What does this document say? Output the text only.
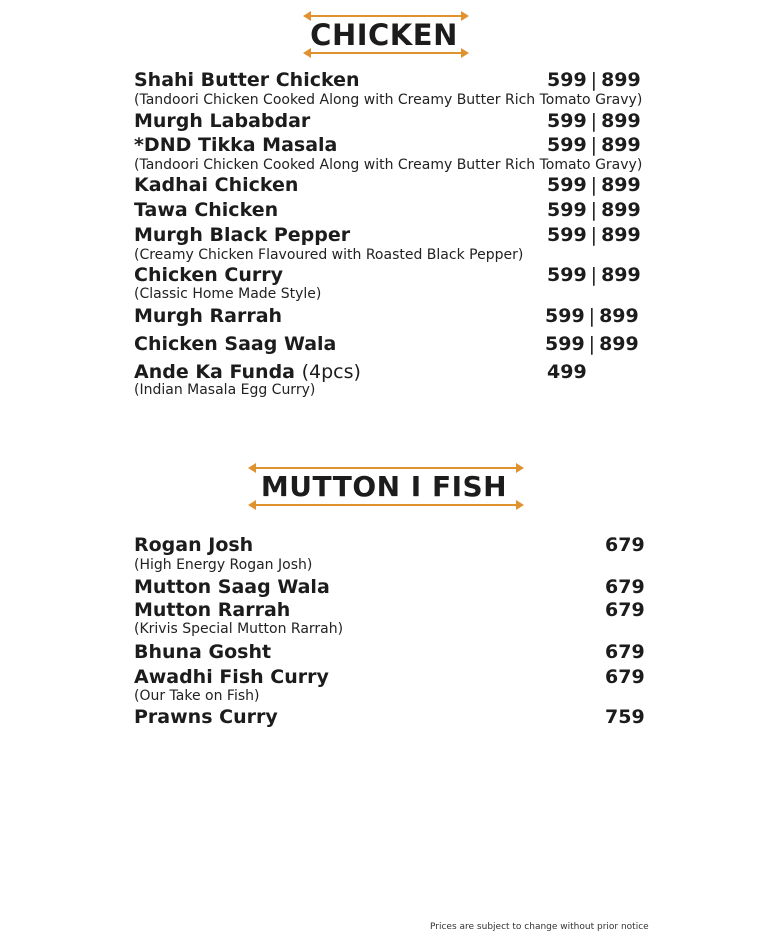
CHICKEN
Shahi Butter Chicken	599 | 899
(Tandoori Chicken Cooked Along with Creamy Butter Rich Tomato Gravy)
Murgh Lababdar	599 | 899
*DND Tikka Masala	599 | 899
(Tandoori Chicken Cooked Along with Creamy Butter Rich Tomato Gravy)
Kadhai Chicken	599 | 899
Tawa Chicken	599 | 899
Murgh Black Pepper	599 | 899
(Creamy Chicken Flavoured with Roasted Black Pepper)
Chicken Curry	599 | 899
(Classic Home Made Style)
Murgh Rarrah	599 | 899
Chicken Saag Wala	599 | 899
Ande Ka Funda (4pcs)	499
(Indian Masala Egg Curry)
MUTTON I FISH
Rogan Josh	679
(High Energy Rogan Josh)
Mutton Saag Wala	679
Mutton Rarrah	679
(Krivis Special Mutton Rarrah)
Bhuna Gosht	679
Awadhi Fish Curry	679
(Our Take on Fish)
Prawns Curry	759
Prices are subject to change without prior notice
